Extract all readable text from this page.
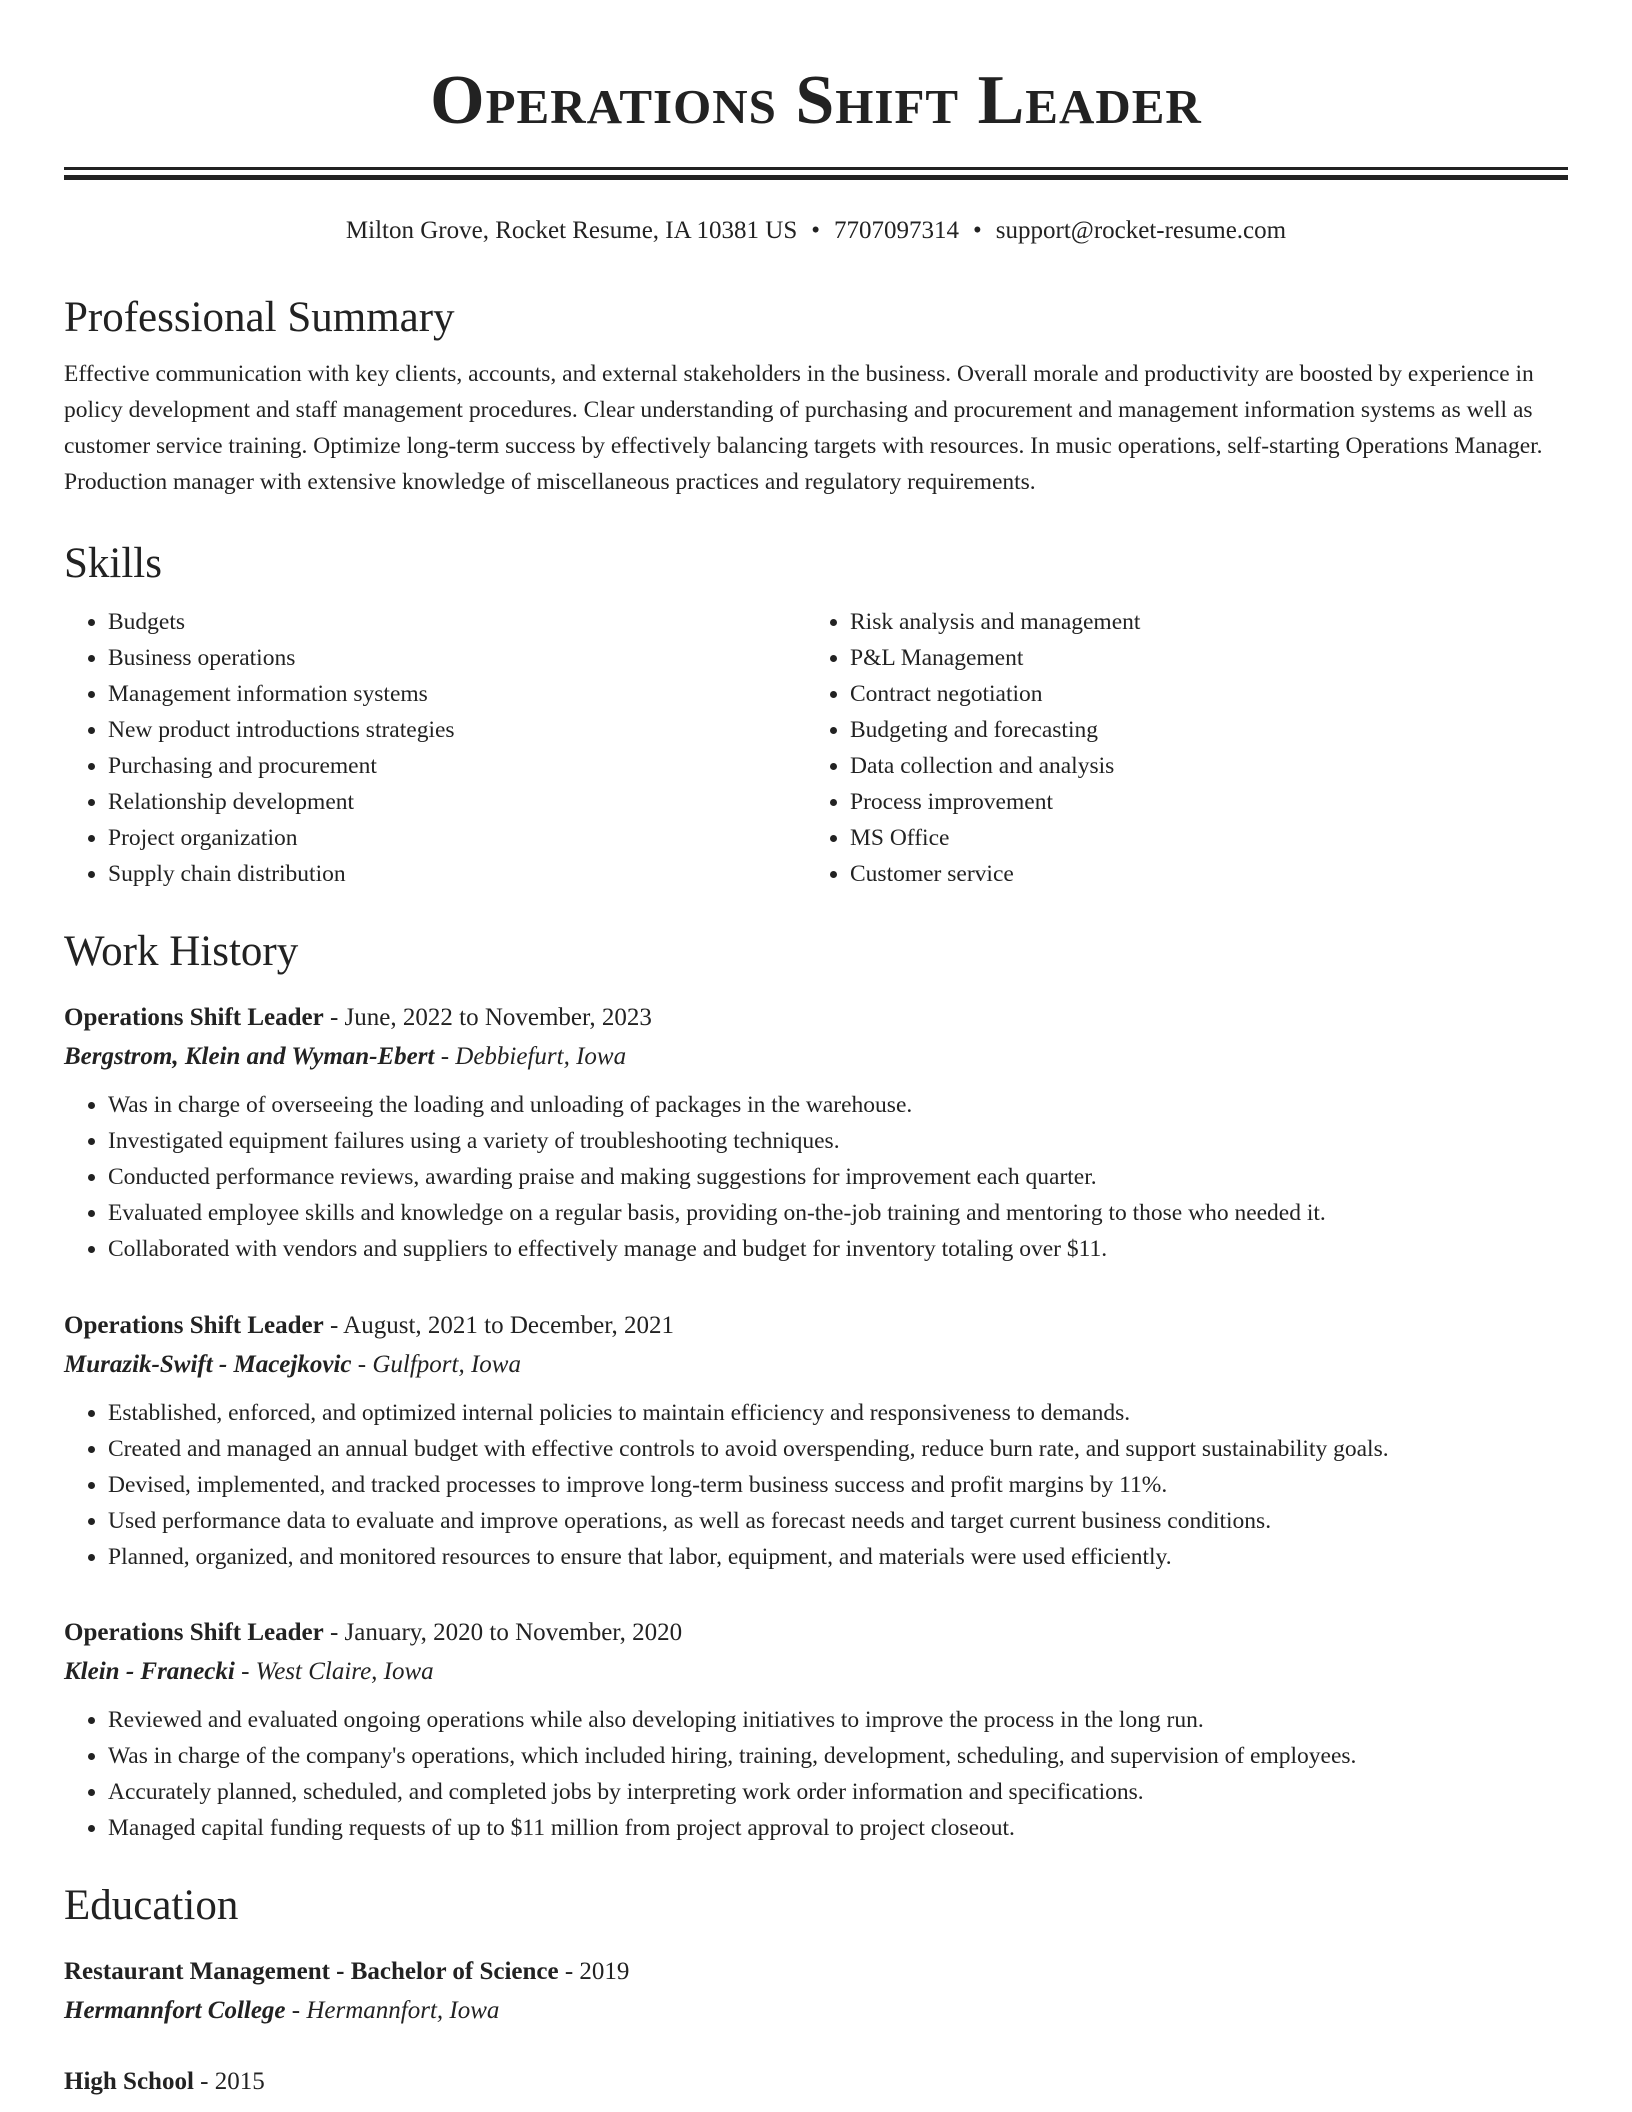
Operations Shift Leader
Milton Grove, Rocket Resume, IA 10381 US • 7707097314 • support@rocket-resume.com
Professional Summary

Effective communication with key clients, accounts, and external stakeholders in the business. Overall morale and productivity are boosted by experience in policy development and staff management procedures. Clear understanding of purchasing and procurement and management information systems as well as customer service training. Optimize long-term success by effectively balancing targets with resources. In music operations, self-starting Operations Manager. Production manager with extensive knowledge of miscellaneous practices and regulatory requirements.

Skills
• Budgets
• Business operations
• Management information systems
• New product introductions strategies
• Purchasing and procurement
• Relationship development
• Project organization
• Supply chain distribution
• Risk analysis and management
• P&L Management
• Contract negotiation
• Budgeting and forecasting
• Data collection and analysis
• Process improvement
• MS Office
• Customer service
Work History

Operations Shift Leader - June, 2022 to November, 2023

Bergstrom, Klein and Wyman-Ebert - Debbiefurt, Iowa

• Was in charge of overseeing the loading and unloading of packages in the warehouse.
• Investigated equipment failures using a variety of troubleshooting techniques.
• Conducted performance reviews, awarding praise and making suggestions for improvement each quarter.
• Evaluated employee skills and knowledge on a regular basis, providing on-the-job training and mentoring to those who needed it.
• Collaborated with vendors and suppliers to effectively manage and budget for inventory totaling over $11.

Operations Shift Leader - August, 2021 to December, 2021

Murazik-Swift - Macejkovic - Gulfport, Iowa

• Established, enforced, and optimized internal policies to maintain efficiency and responsiveness to demands.
• Created and managed an annual budget with effective controls to avoid overspending, reduce burn rate, and support sustainability goals.
• Devised, implemented, and tracked processes to improve long-term business success and profit margins by 11%.
• Used performance data to evaluate and improve operations, as well as forecast needs and target current business conditions.
• Planned, organized, and monitored resources to ensure that labor, equipment, and materials were used efficiently.

Operations Shift Leader - January, 2020 to November, 2020

Klein - Franecki - West Claire, Iowa

• Reviewed and evaluated ongoing operations while also developing initiatives to improve the process in the long run.
• Was in charge of the company's operations, which included hiring, training, development, scheduling, and supervision of employees.
• Accurately planned, scheduled, and completed jobs by interpreting work order information and specifications.
• Managed capital funding requests of up to $11 million from project approval to project closeout.
Education

Restaurant Management - Bachelor of Science - 2019

Hermannfort College - Hermannfort, Iowa

High School - 2015
